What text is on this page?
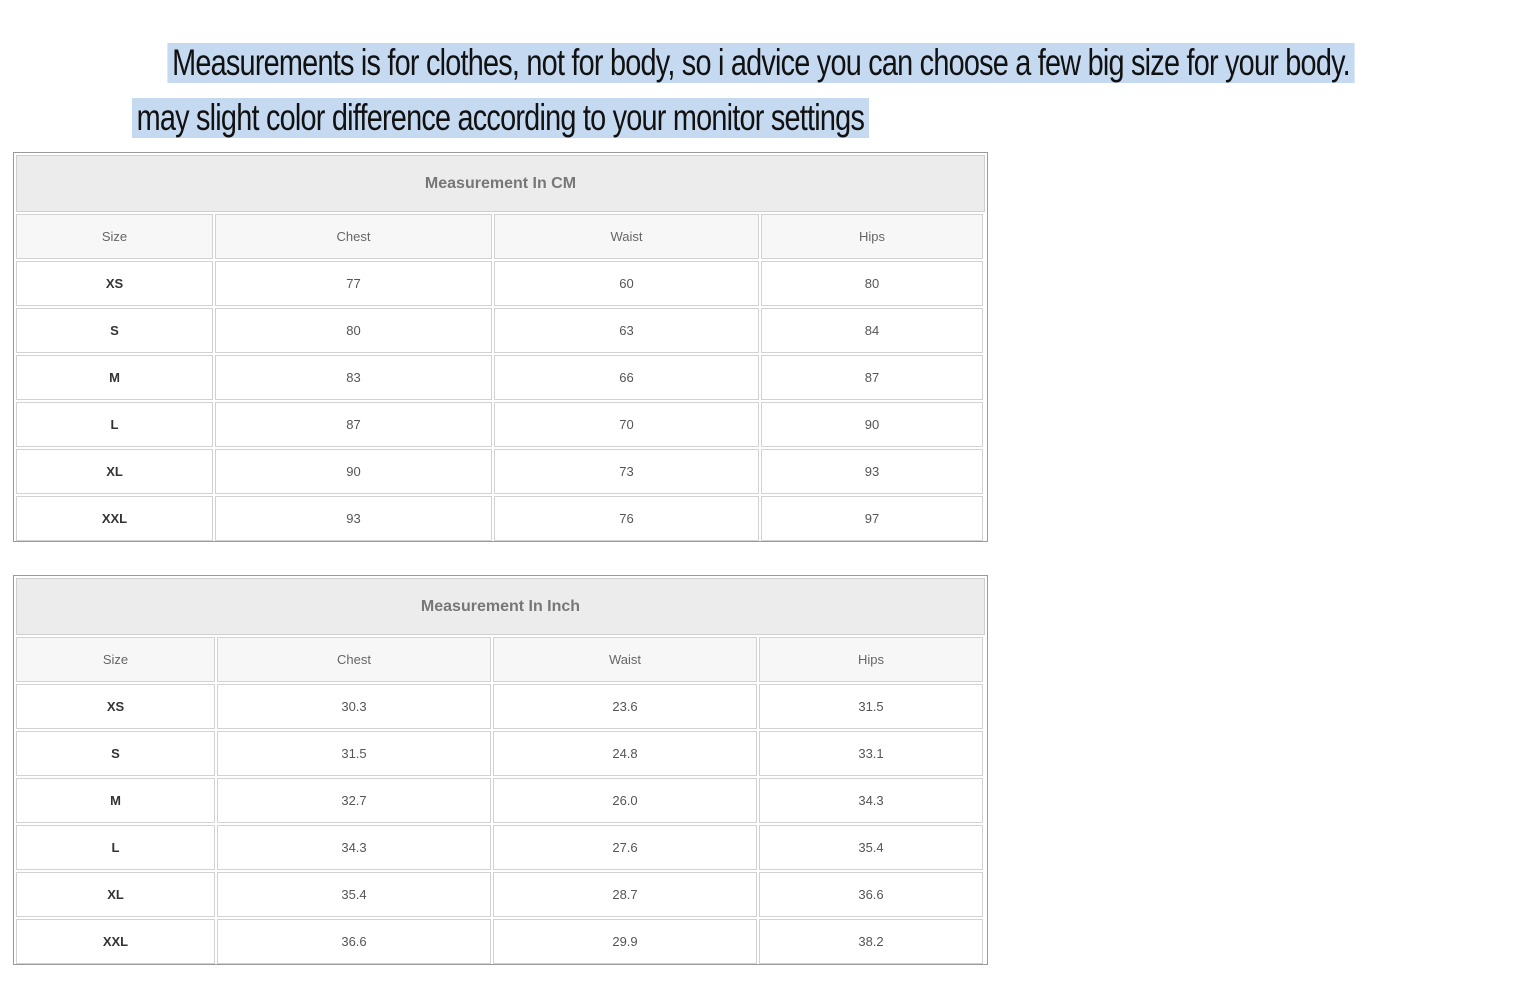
Measurements is for clothes, not for body, so i advice you can choose a few big size for your body.
may slight color difference according to your monitor settings
Measurement In CM
Size	Chest	Waist	Hips
XS	77	60	80
S	80	63	84
M	83	66	87
L	87	70	90
XL	90	73	93
XXL	93	76	97
Measurement In Inch
Size	Chest	Waist	Hips
XS	30.3	23.6	31.5
S	31.5	24.8	33.1
M	32.7	26.0	34.3
L	34.3	27.6	35.4
XL	35.4	28.7	36.6
XXL	36.6	29.9	38.2
